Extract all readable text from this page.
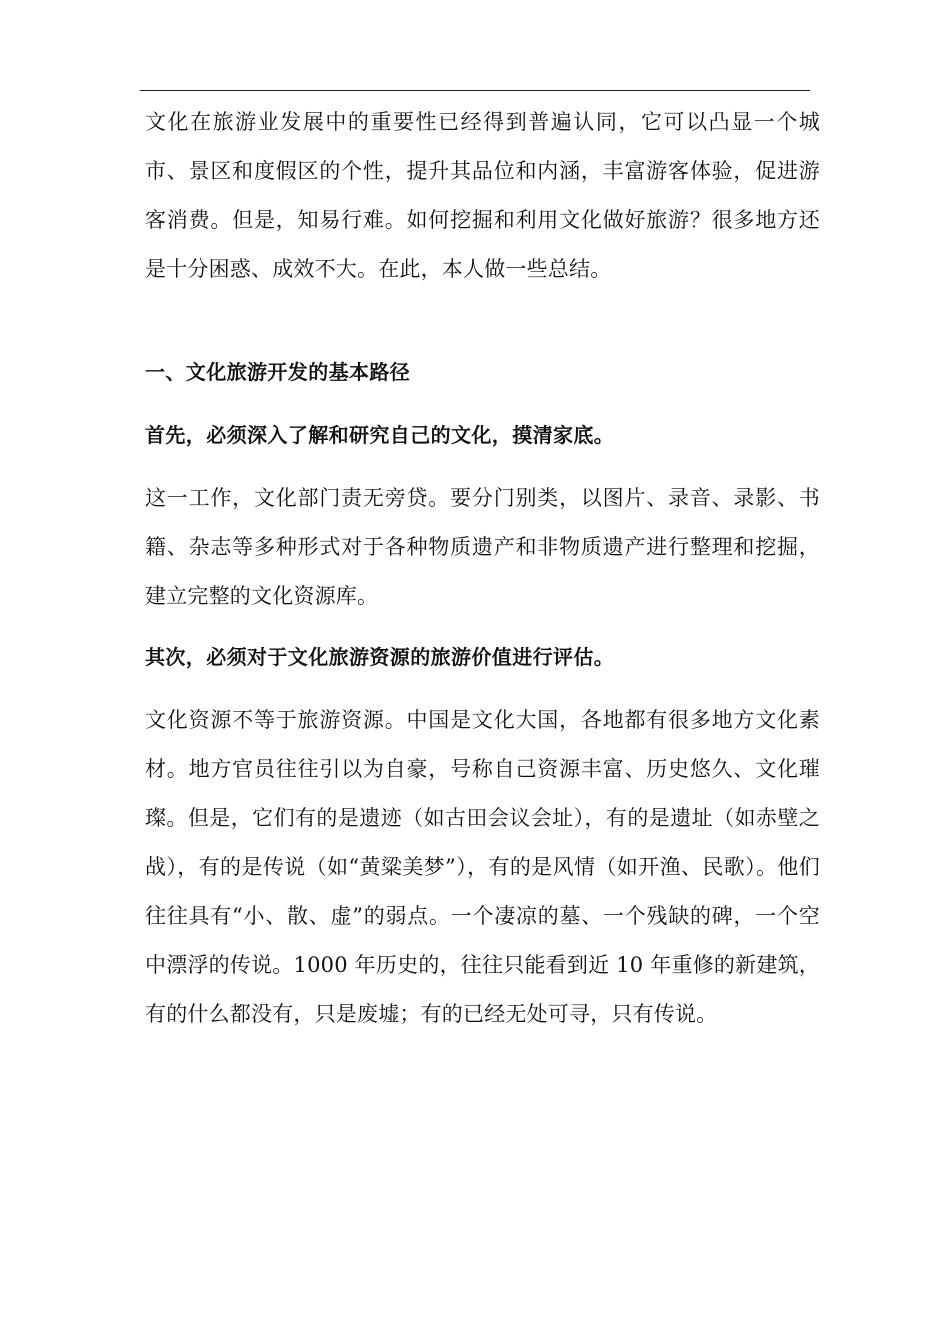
文化在旅游业发展中的重要性已经得到普遍认同，它可以凸显一个城市、景区和度假区的个性，提升其品位和内涵，丰富游客体验，促进游客消费。但是，知易行难。如何挖掘和利用文化做好旅游？很多地方还是十分困惑、成效不大。在此，本人做一些总结。

一、文化旅游开发的基本路径
首先，必须深入了解和研究自己的文化，摸清家底。

这一工作，文化部门责无旁贷。要分门别类，以图片、录音、录影、书籍、杂志等多种形式对于各种物质遗产和非物质遗产进行整理和挖掘，建立完整的文化资源库。

其次，必须对于文化旅游资源的旅游价值进行评估。

文化资源不等于旅游资源。中国是文化大国，各地都有很多地方文化素材。地方官员往往引以为自豪，号称自己资源丰富、历史悠久、文化璀璨。但是，它们有的是遗迹（如古田会议会址），有的是遗址（如赤壁之战），有的是传说（如“黄粱美梦”），有的是风情（如开渔、民歌）。他们往往具有“小、散、虚”的弱点。一个凄凉的墓、一个残缺的碑，一个空中漂浮的传说。1000 年历史的，往往只能看到近 10 年重修的新建筑，有的什么都没有，只是废墟；有的已经无处可寻，只有传说。
